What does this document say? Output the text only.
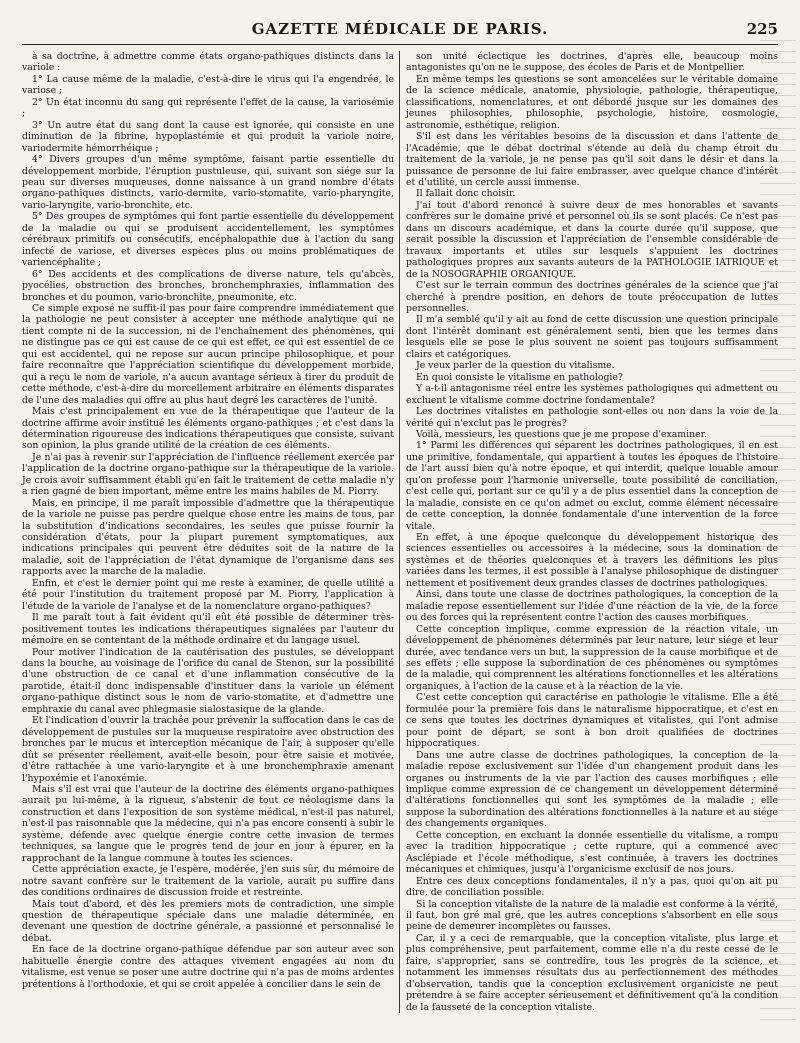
GAZETTE MÉDICALE DE PARIS.	225

à sa doctrine, à admettre comme états organo-pathiques distincts dans la variole :

1° La cause même de la maladie, c'est-à-dire le virus qui l'a engendrée, le variose ;

2° Un état inconnu du sang qui représente l'effet de la cause, la variosémie ;

3° Un autre état du sang dont la cause est ignorée, qui consiste en une diminution de la fibrine, hypoplastémie et qui produit la variole noire, variodermite hémorrhéique ;

4° Divers groupes d'un même symptôme, faisant partie essentielle du développement morbide, l'éruption pustuleuse, qui, suivant son siége sur la peau sur diverses muqueuses, donne naissance à un grand nombre d'états organo-pathiques distincts, vario-dermite, vario-stomatite, vario-pharyngite, vario-laryngite, vario-bronchite, etc.

5° Des groupes de symptômes qui font partie essentielle du développement de la maladie ou qui se produisent accidentellement, les symptômes cérébraux primitifs ou consécutifs, encéphalopathie due à l'action du sang infecté de variose, et diverses espèces plus ou moins problématiques de variencéphalite ;

6° Des accidents et des complications de diverse nature, tels qu'abcès, pyocélies, obstruction des bronches, bronchemphraxies, inflammation des bronches et du poumon, vario-bronchite, pneumonite, etc.

Ce simple exposé ne suffit-il pas pour faire comprendre immédiatement que la pathologie ne peut consister à accepter une méthode analytique qui ne tient compte ni de la succession, ni de l'enchaînement des phénomènes, qui ne distingue pas ce qui est cause de ce qui est effet, ce qui est essentiel de ce qui est accidentel, qui ne repose sur aucun principe philosophique, et pour faire reconnaître que l'appréciation scientifique du développement morbide, qui a reçu le nom de variole, n'a aucun avantage sérieux à tirer du produit de cette méthode, c'est-à-dire du morcellement arbitraire en éléments disparates de l'une des maladies qui offre au plus haut degré les caractères de l'unité.

Mais c'est principalement en vue de la thérapeutique que l'auteur de la doctrine affirme avoir institué les éléments organo-pathiques ; et c'est dans la détermination rigoureuse des indications thérapeutiques que consiste, suivant son opinion, la plus grande utilité de la création de ces éléments.

Je n'ai pas à revenir sur l'appréciation de l'influence réellement exercée par l'application de la doctrine organo-pathique sur la thérapeutique de la variole. Je crois avoir suffisamment établi qu'en fait le traitement de cette maladie n'y a rien gagné de bien important, même entre les mains habiles de M. Piorry.

Mais, en principe, il me paraît impossible d'admettre que la thérapeutique de la variole ne puisse pas perdre quelque chose entre les mains de tous, par la substitution d'indications secondaires, les seules que puisse fournir la considération d'états, pour la plupart purement symptomatiques, aux indications principales qui peuvent être déduites soit de la nature de la maladie, soit de l'appréciation de l'état dynamique de l'organisme dans ses rapports avec la marche de la maladie.

Enfin, et c'est le dernier point qui me reste à examiner, de quelle utilité a été pour l'institution du traitement proposé par M. Piorry, l'application à l'étude de la variole de l'analyse et de la nomenclature organo-pathiques?

Il me paraît tout à fait évident qu'il eût été possible de déterminer très-positivement toutes les indications thérapeutiques signalées par l'auteur du mémoire en se contentant de la méthode ordinaire et du langage usuel.

Pour motiver l'indication de la cautérisation des pustules, se développant dans la bouche, au voisinage de l'orifice du canal de Stenon, sur la possibilité d'une obstruction de ce canal et d'une inflammation consécutive de la parotide, était-il donc indispensable d'instituer dans la variole un élément organo-pathique distinct sous le nom de vario-stomatite, et d'admettre une emphraxie du canal avec phlegmasie sialostasique de la glande.

Et l'indication d'ouvrir la trachée pour prévenir la suffocation dans le cas de développement de pustules sur la muqueuse respiratoire avec obstruction des bronches par le mucus et interception mécanique de l'air, à supposer qu'elle dût se présenter réellement, avait-elle besoin, pour être saisie et motivée, d'être rattachée à une vario-laryngite et à une bronchemphraxie amenant l'hypoxémie et l'anoxémie.

Mais s'il est vrai que l'auteur de la doctrine des éléments organo-pathiques aurait pu lui-même, à la rigueur, s'abstenir de tout ce néologisme dans la construction et dans l'exposition de son système médical, n'est-il pas naturel, n'est-il pas raisonnable que la médecine, qui n'a pas encore consenti à subir le système, défende avec quelque énergie contre cette invasion de termes techniques, sa langue que le progrès tend de jour en jour à épurer, en la rapprochant de la langue commune à toutes les sciences.

Cette appréciation exacte, je l'espère, modérée, j'en suis sûr, du mémoire de notre savant confrère sur le traitement de la variole, aurait pu suffire dans des conditions ordinaires de discussion froide et restreinte.

Mais tout d'abord, et dès les premiers mots de contradiction, une simple question de thérapeutique spéciale dans une maladie déterminée, en devenant une question de doctrine générale, a passionné et personnalisé le débat.

En face de la doctrine organo-pathique défendue par son auteur avec son habituelle énergie contre des attaques vivement engagées au nom du vitalisme, est venue se poser une autre doctrine qui n'a pas de moins ardentes prétentions à l'orthodoxie, et qui se croit appelée à concilier dans le sein de

son unité éclectique les doctrines, d'après elle, beaucoup moins antagonistes qu'on ne le suppose, des écoles de Paris et de Montpellier.

En même temps les questions se sont amoncelées sur le véritable domaine de la science médicale, anatomie, physiologie, pathologie, thérapeutique, classifications, nomenclatures, et ont débordé jusque sur les domaines des jeunes philosophies, philosophie, psychologie, histoire, cosmologie, astronomie, esthétique, religion.

S'il est dans les véritables besoins de la discussion et dans l'attente de l'Académie, que le débat doctrinal s'étende au delà du champ étroit du traitement de la variole, je ne pense pas qu'il soit dans le désir et dans la puissance de personne de lui faire embrasser, avec quelque chance d'intérêt et d'utilité, un cercle aussi immense.

Il fallait donc choisir.

J'ai tout d'abord renoncé à suivre deux de mes honorables et savants confrères sur le domaine privé et personnel où ils se sont placés. Ce n'est pas dans un discours académique, et dans la courte durée qu'il suppose, que serait possible la discussion et l'appréciation de l'ensemble considérable de travaux importants et utiles sur lesquels s'appuient les doctrines pathologiques propres aux savants auteurs de la PATHOLOGIE IATRIQUE et de la NOSOGRAPHIE ORGANIQUE.

C'est sur le terrain commun des doctrines générales de la science que j'ai cherché à prendre position, en dehors de toute préoccupation de luttes personnelles.

Il m'a semblé qu'il y ait au fond de cette discussion une question principale dont l'intérêt dominant est généralement senti, bien que les termes dans lesquels elle se pose le plus souvent ne soient pas toujours suffisamment clairs et catégoriques.

Je veux parler de la question du vitalisme.

En quoi consiste le vitalisme en pathologie?

Y a-t-il antagonisme réel entre les systèmes pathologiques qui admettent ou excluent le vitalisme comme doctrine fondamentale?

Les doctrines vitalistes en pathologie sont-elles ou non dans la voie de la vérité qui n'exclut pas le progrès?

Voilà, messieurs, les questions que je me propose d'examiner.

1° Parmi les différences qui séparent les doctrines pathologiques, il en est une primitive, fondamentale, qui appartient à toutes les époques de l'histoire de l'art aussi bien qu'à notre époque, et qui interdit, quelque louable amour qu'on professe pour l'harmonie universelle, toute possibilité de conciliation, c'est celle qui, portant sur ce qu'il y a de plus essentiel dans la conception de la maladie, consiste en ce qu'on admet ou exclut, comme élément nécessaire de cette conception, la donnée fondamentale d'une intervention de la force vitale.

En effet, à une époque quelconque du développement historique des sciences essentielles ou accessoires à la médecine, sous la domination de systèmes et de théories quelconques et à travers les définitions les plus variées dans les termes, il est possible à l'analyse philosophique de distinguer nettement et positivement deux grandes classes de doctrines pathologiques.

Ainsi, dans toute une classe de doctrines pathologiques, la conception de la maladie repose essentiellement sur l'idée d'une réaction de la vie, de la force ou des forces qui la représentent contre l'action des causes morbifiques.

Cette conception implique, comme expression de la réaction vitale, un développement de phénomènes déterminés par leur nature, leur siége et leur durée, avec tendance vers un but, la suppression de la cause morbifique et de ses effets ; elle suppose la subordination de ces phénomènes ou symptômes de la maladie, qui comprennent les altérations fonctionnelles et les altérations organiques, à l'action de la cause et à la réaction de la vie.

C'est cette conception qui caractérise en pathologie le vitalisme. Elle a été formulée pour la première fois dans le naturalisme hippocratique, et c'est en ce sens que toutes les doctrines dynamiques et vitalistes, qui l'ont admise pour point de départ, se sont à bon droit qualifiées de doctrines hippocratiques.

Dans une autre classe de doctrines pathologiques, la conception de la maladie repose exclusivement sur l'idée d'un changement produit dans les organes ou instruments de la vie par l'action des causes morbifiques ; elle implique comme expression de ce changement un développement déterminé d'altérations fonctionnelles qui sont les symptômes de la maladie ; elle suppose la subordination des altérations fonctionnelles à la nature et au siége des changements organiques.

Cette conception, en excluant la donnée essentielle du vitalisme, a rompu avec la tradition hippocratique ; cette rupture, qui a commencé avec Asclépiade et l'école méthodique, s'est continuée, à travers les doctrines mécaniques et chimiques, jusqu'à l'organicisme exclusif de nos jours.

Entre ces deux conceptions fondamentales, il n'y a pas, quoi qu'on ait pu dire, de conciliation possible.

Si la conception vitaliste de la nature de la maladie est conforme à la vérité, il faut, bon gré mal gré, que les autres conceptions s'absorbent en elle sous peine de demeurer incomplètes ou fausses.

Car, il y a ceci de remarquable, que la conception vitaliste, plus large et plus compréhensive, peut parfaitement, comme elle n'a du reste cessé de le faire, s'approprier, sans se contredire, tous les progrès de la science, et notamment les immenses résultats dus au perfectionnement des méthodes d'observation, tandis que la conception exclusivement organiciste ne peut prétendre à se faire accepter sérieusement et définitivement qu'à la condition de la fausseté de la conception vitaliste.
